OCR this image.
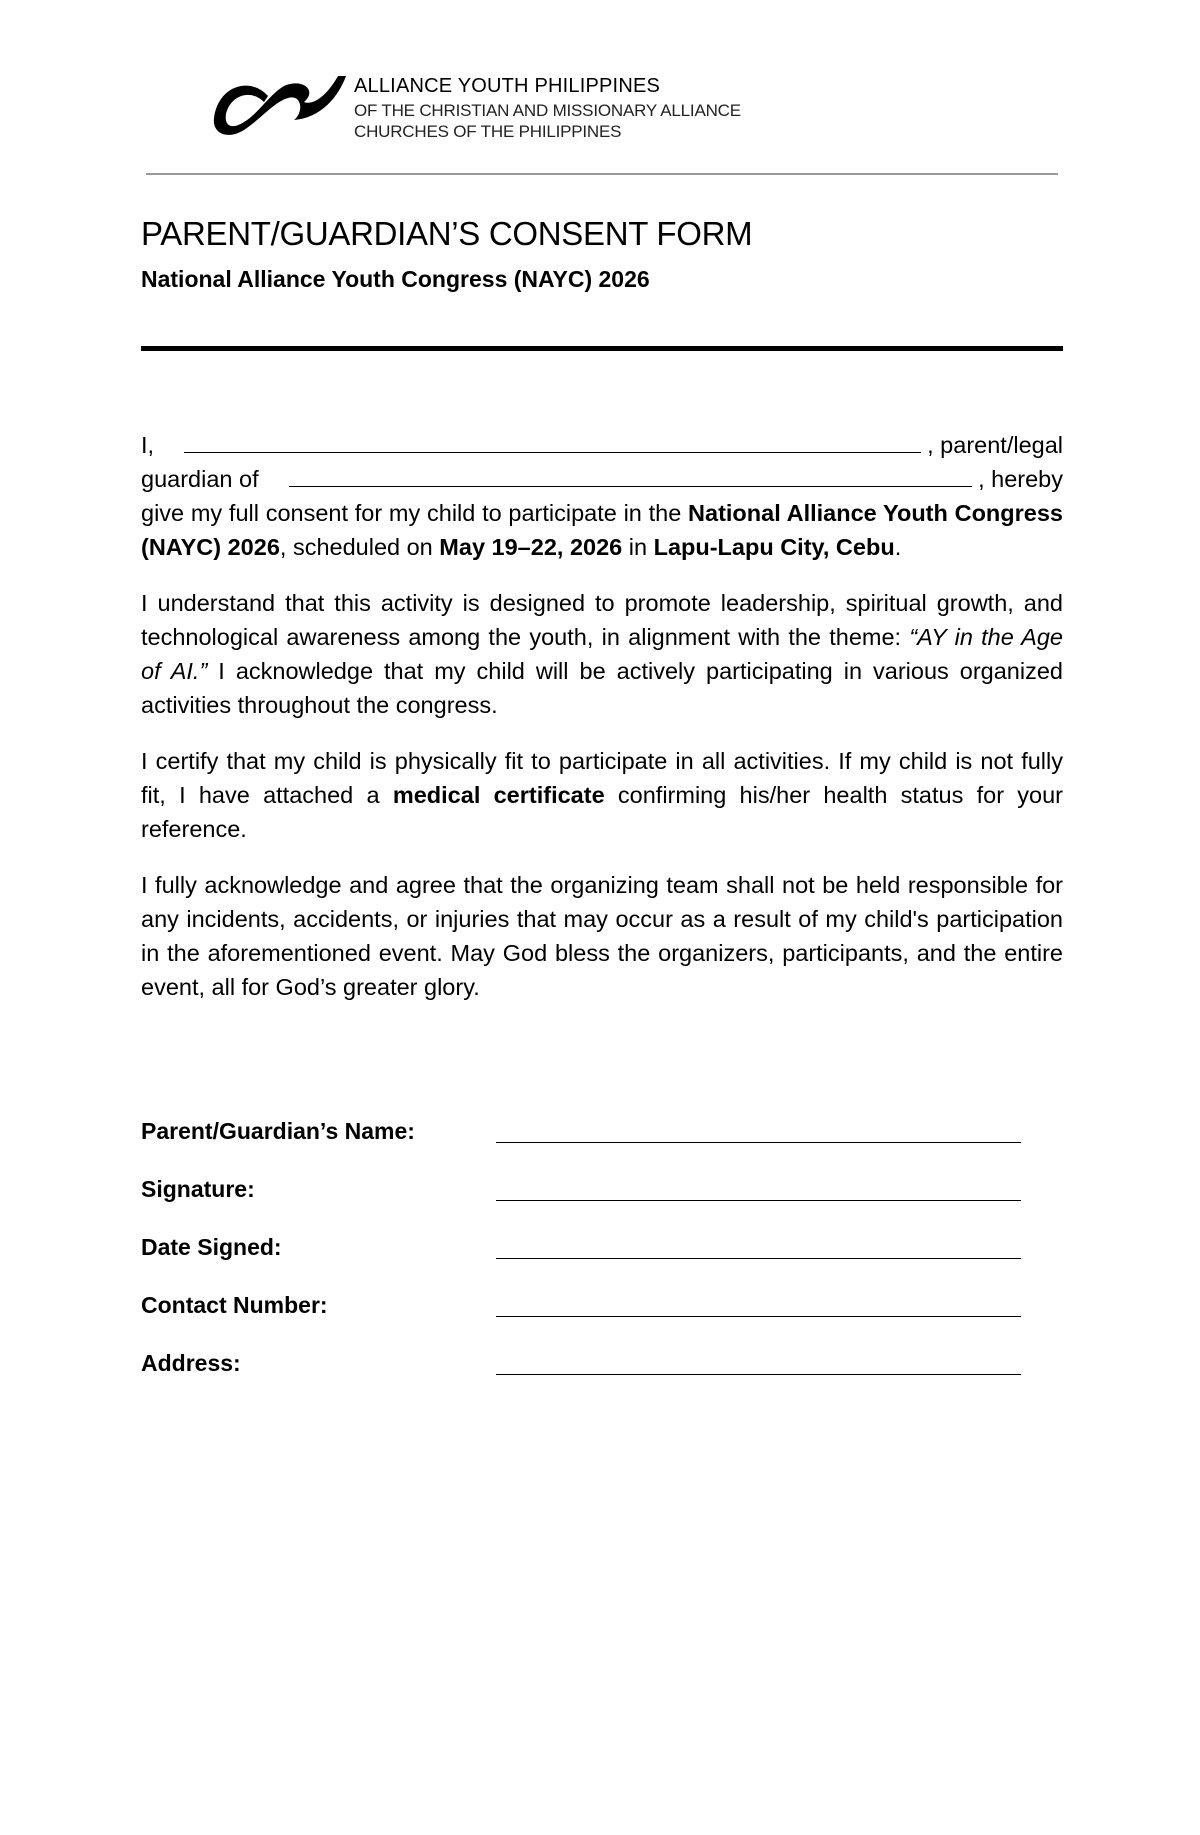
ALLIANCE YOUTH PHILIPPINES
OF THE CHRISTIAN AND MISSIONARY ALLIANCE
CHURCHES OF THE PHILIPPINES
PARENT/GUARDIAN’S CONSENT FORM
National Alliance Youth Congress (NAYC) 2026
I,	, parent/legal
guardian of	, hereby

give my full consent for my child to participate in the National Alliance Youth Congress (NAYC) 2026, scheduled on May 19–22, 2026 in Lapu-Lapu City, Cebu.

I understand that this activity is designed to promote leadership, spiritual growth, and technological awareness among the youth, in alignment with the theme: “AY in the Age of AI.” I acknowledge that my child will be actively participating in various organized activities throughout the congress.

I certify that my child is physically fit to participate in all activities. If my child is not fully fit, I have attached a medical certificate confirming his/her health status for your reference.

I fully acknowledge and agree that the organizing team shall not be held responsible for any incidents, accidents, or injuries that may occur as a result of my child's participation in the aforementioned event. May God bless the organizers, participants, and the entire event, all for God’s greater glory.

Parent/Guardian’s Name:
Signature:
Date Signed:
Contact Number:
Address:
